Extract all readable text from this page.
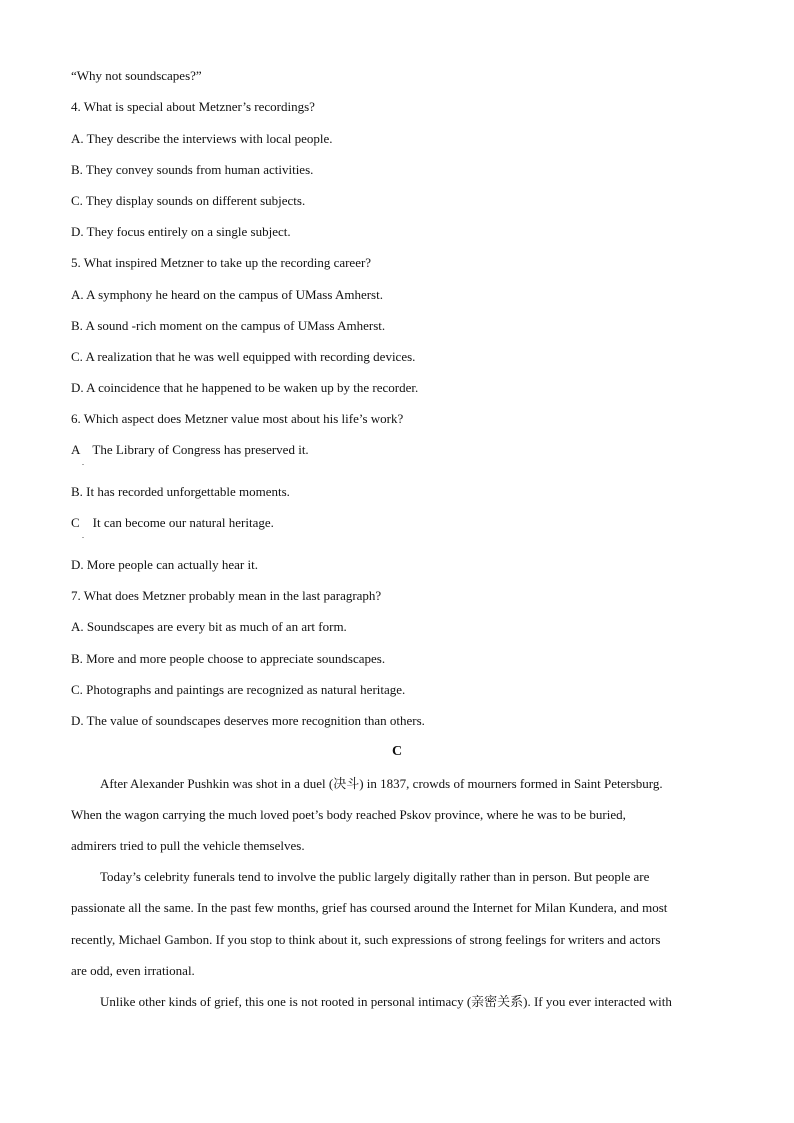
“Why not soundscapes?”
4. What is special about Metzner’s recordings?
A. They describe the interviews with local people.
B. They convey sounds from human activities.
C. They display sounds on different subjects.
D. They focus entirely on a single subject.
5. What inspired Metzner to take up the recording career?
A. A symphony he heard on the campus of UMass Amherst.
B. A sound -rich moment on the campus of UMass Amherst.
C. A realization that he was well equipped with recording devices.
D. A coincidence that he happened to be waken up by the recorder.
6. Which aspect does Metzner value most about his life’s work?
A    The Library of Congress has preserved it.
.
B. It has recorded unforgettable moments.
C    It can become our natural heritage.
.
D. More people can actually hear it.
7. What does Metzner probably mean in the last paragraph?
A. Soundscapes are every bit as much of an art form.
B. More and more people choose to appreciate soundscapes.
C. Photographs and paintings are recognized as natural heritage.
D. The value of soundscapes deserves more recognition than others.
C
After Alexander Pushkin was shot in a duel (决斗) in 1837, crowds of mourners formed in Saint Petersburg.
When the wagon carrying the much loved poet’s body reached Pskov province, where he was to be buried,
admirers tried to pull the vehicle themselves.
Today’s celebrity funerals tend to involve the public largely digitally rather than in person. But people are
passionate all the same. In the past few months, grief has coursed around the Internet for Milan Kundera, and most
recently, Michael Gambon. If you stop to think about it, such expressions of strong feelings for writers and actors
are odd, even irrational.
Unlike other kinds of grief, this one is not rooted in personal intimacy (亲密关系). If you ever interacted with
